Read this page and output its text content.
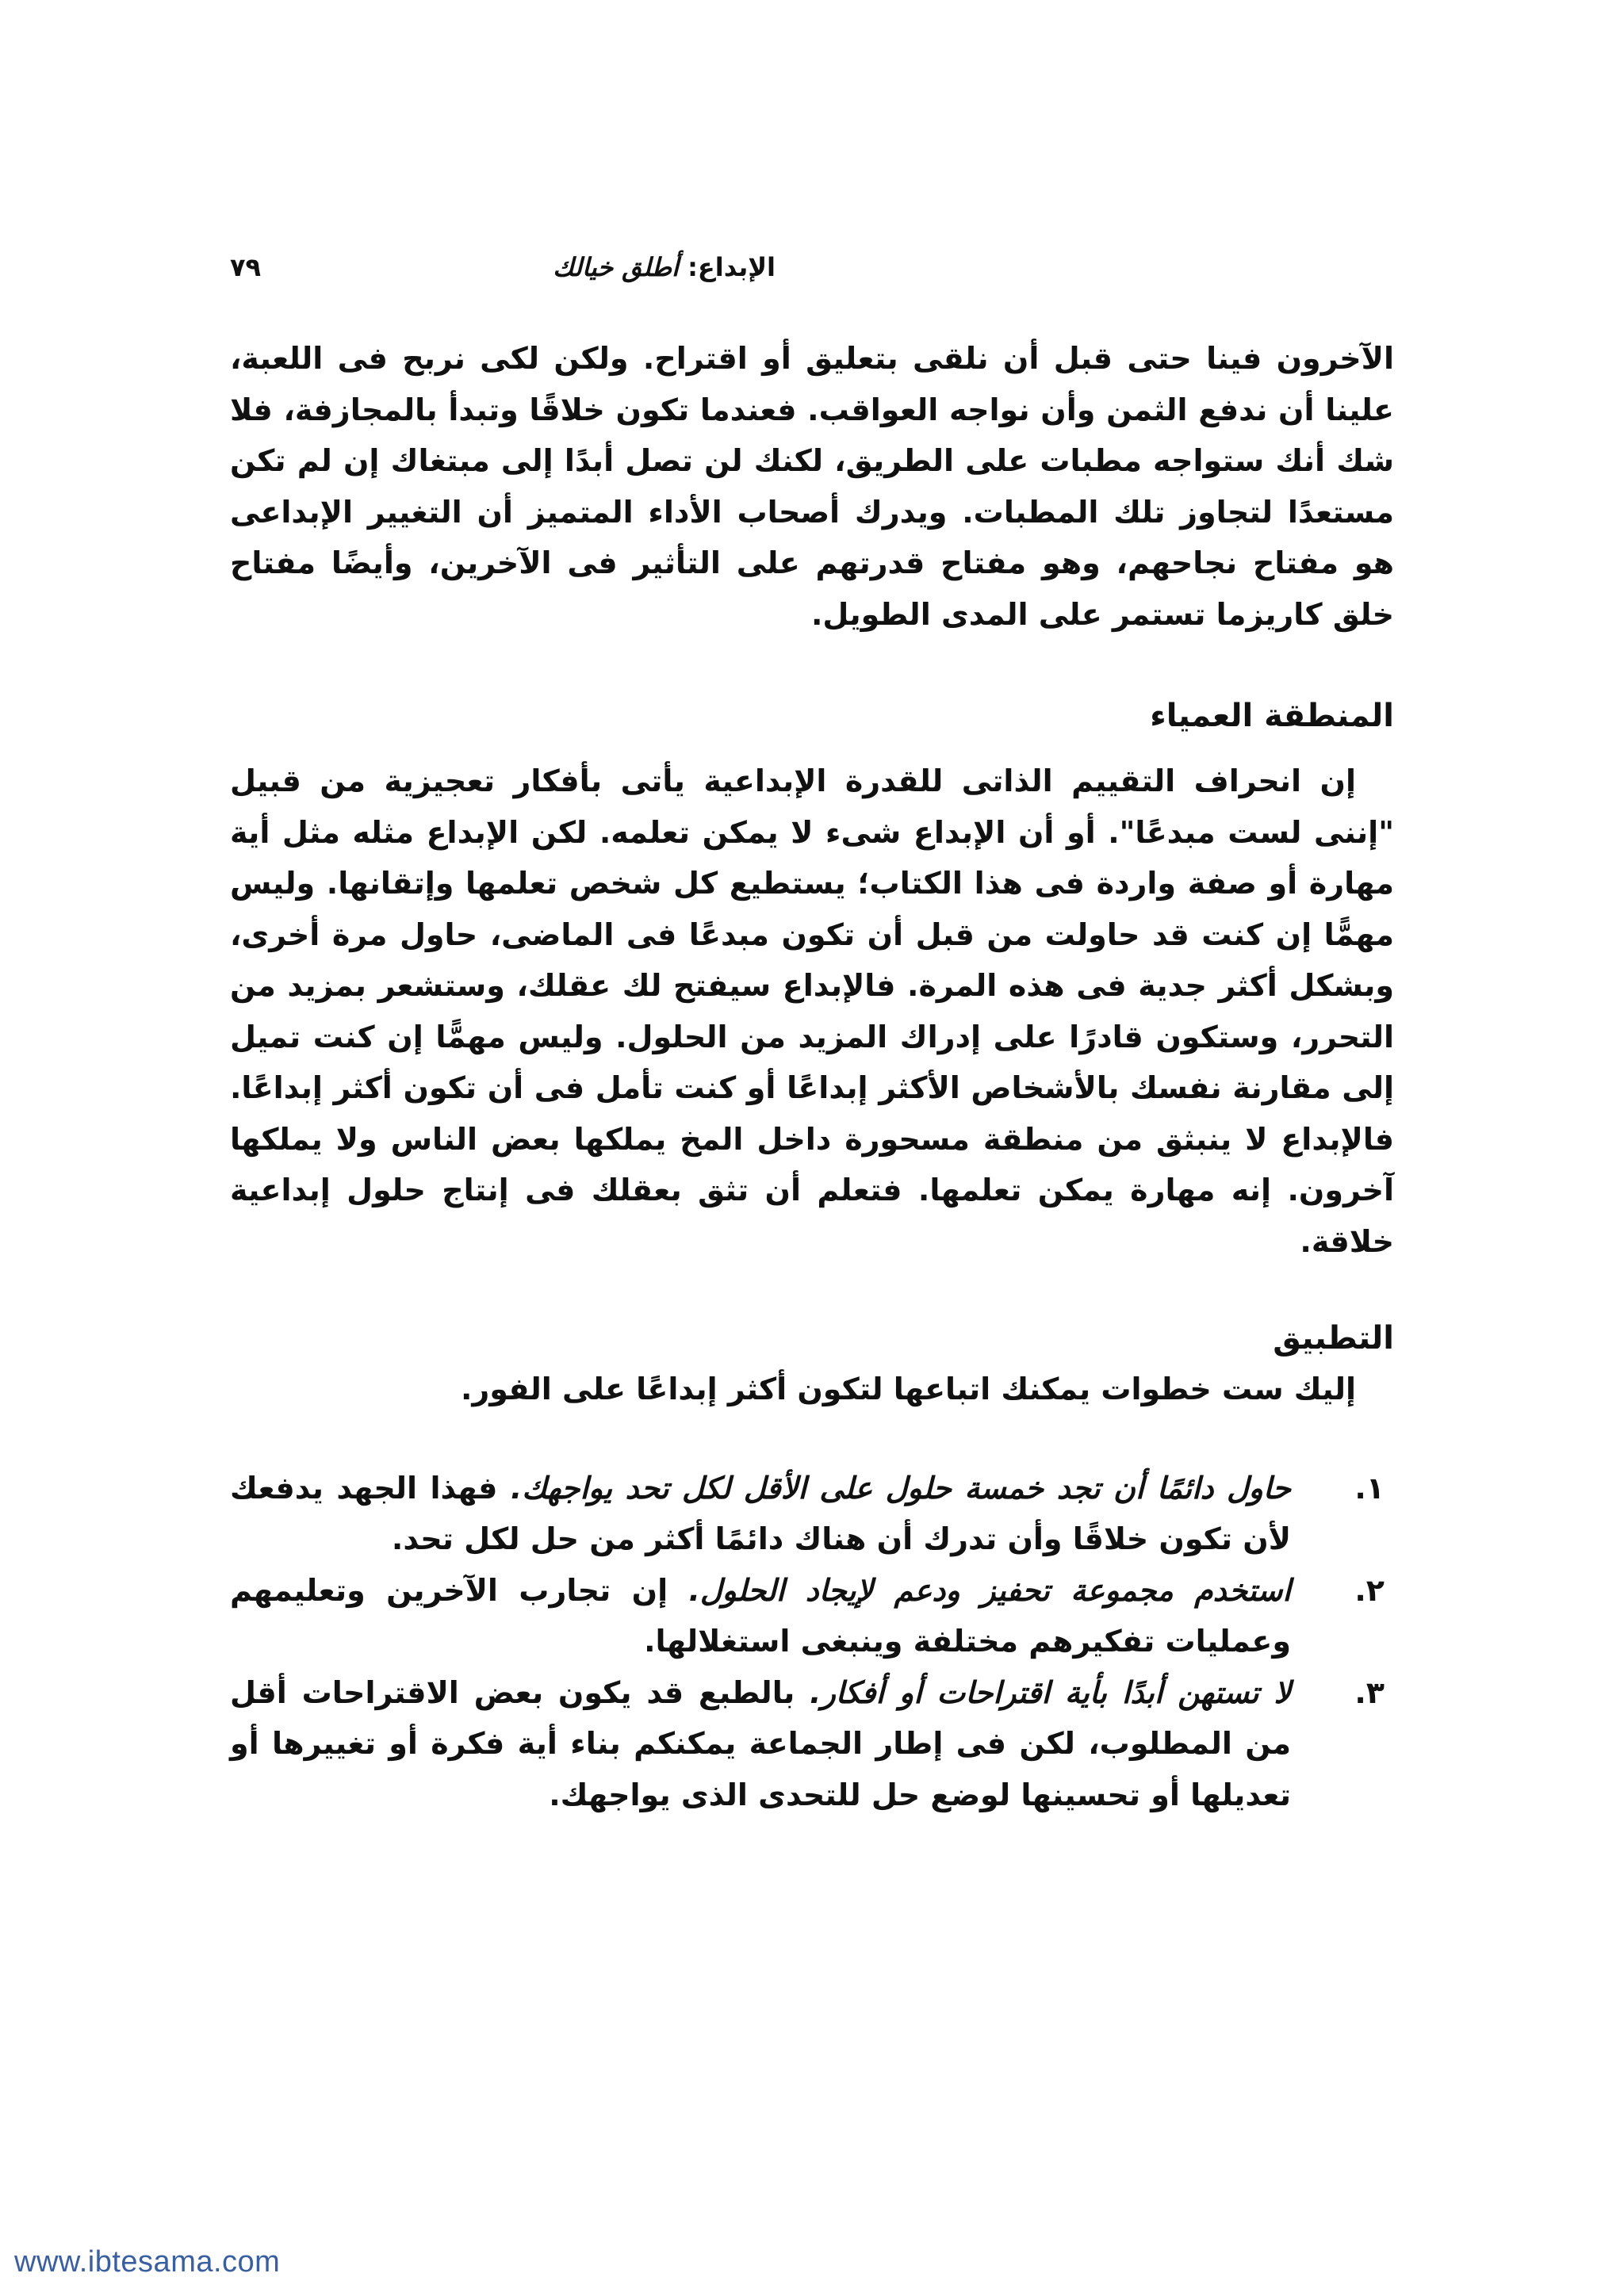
٧٩	الإبداع: أطلق خيالك

الآخرون فينا حتى قبل أن نلقى بتعليق أو اقتراح. ولكن لكى نربح فى اللعبة، علينا أن ندفع الثمن وأن نواجه العواقب. فعندما تكون خلاقًا وتبدأ بالمجازفة، فلا شك أنك ستواجه مطبات على الطريق، لكنك لن تصل أبدًا إلى مبتغاك إن لم تكن مستعدًا لتجاوز تلك المطبات. ويدرك أصحاب الأداء المتميز أن التغيير الإبداعى هو مفتاح نجاحهم، وهو مفتاح قدرتهم على التأثير فى الآخرين، وأيضًا مفتاح خلق كاريزما تستمر على المدى الطويل.

المنطقة العمياء

إن انحراف التقييم الذاتى للقدرة الإبداعية يأتى بأفكار تعجيزية من قبيل "إننى لست مبدعًا". أو أن الإبداع شىء لا يمكن تعلمه. لكن الإبداع مثله مثل أية مهارة أو صفة واردة فى هذا الكتاب؛ يستطيع كل شخص تعلمها وإتقانها. وليس مهمًّا إن كنت قد حاولت من قبل أن تكون مبدعًا فى الماضى، حاول مرة أخرى، وبشكل أكثر جدية فى هذه المرة. فالإبداع سيفتح لك عقلك، وستشعر بمزيد من التحرر، وستكون قادرًا على إدراك المزيد من الحلول. وليس مهمًّا إن كنت تميل إلى مقارنة نفسك بالأشخاص الأكثر إبداعًا أو كنت تأمل فى أن تكون أكثر إبداعًا. فالإبداع لا ينبثق من منطقة مسحورة داخل المخ يملكها بعض الناس ولا يملكها آخرون. إنه مهارة يمكن تعلمها. فتعلم أن تثق بعقلك فى إنتاج حلول إبداعية خلاقة.

التطبيق

إليك ست خطوات يمكنك اتباعها لتكون أكثر إبداعًا على الفور.

١.
حاول دائمًا أن تجد خمسة حلول على الأقل لكل تحد يواجهك. فهذا الجهد يدفعك لأن تكون خلاقًا وأن تدرك أن هناك دائمًا أكثر من حل لكل تحد.
٢.
استخدم مجموعة تحفيز ودعم لإيجاد الحلول. إن تجارب الآخرين وتعليمهم وعمليات تفكيرهم مختلفة وينبغى استغلالها.
٣.
لا تستهن أبدًا بأية اقتراحات أو أفكار. بالطبع قد يكون بعض الاقتراحات أقل من المطلوب، لكن فى إطار الجماعة يمكنكم بناء أية فكرة أو تغييرها أو تعديلها أو تحسينها لوضع حل للتحدى الذى يواجهك.
www.ibtesama.com
